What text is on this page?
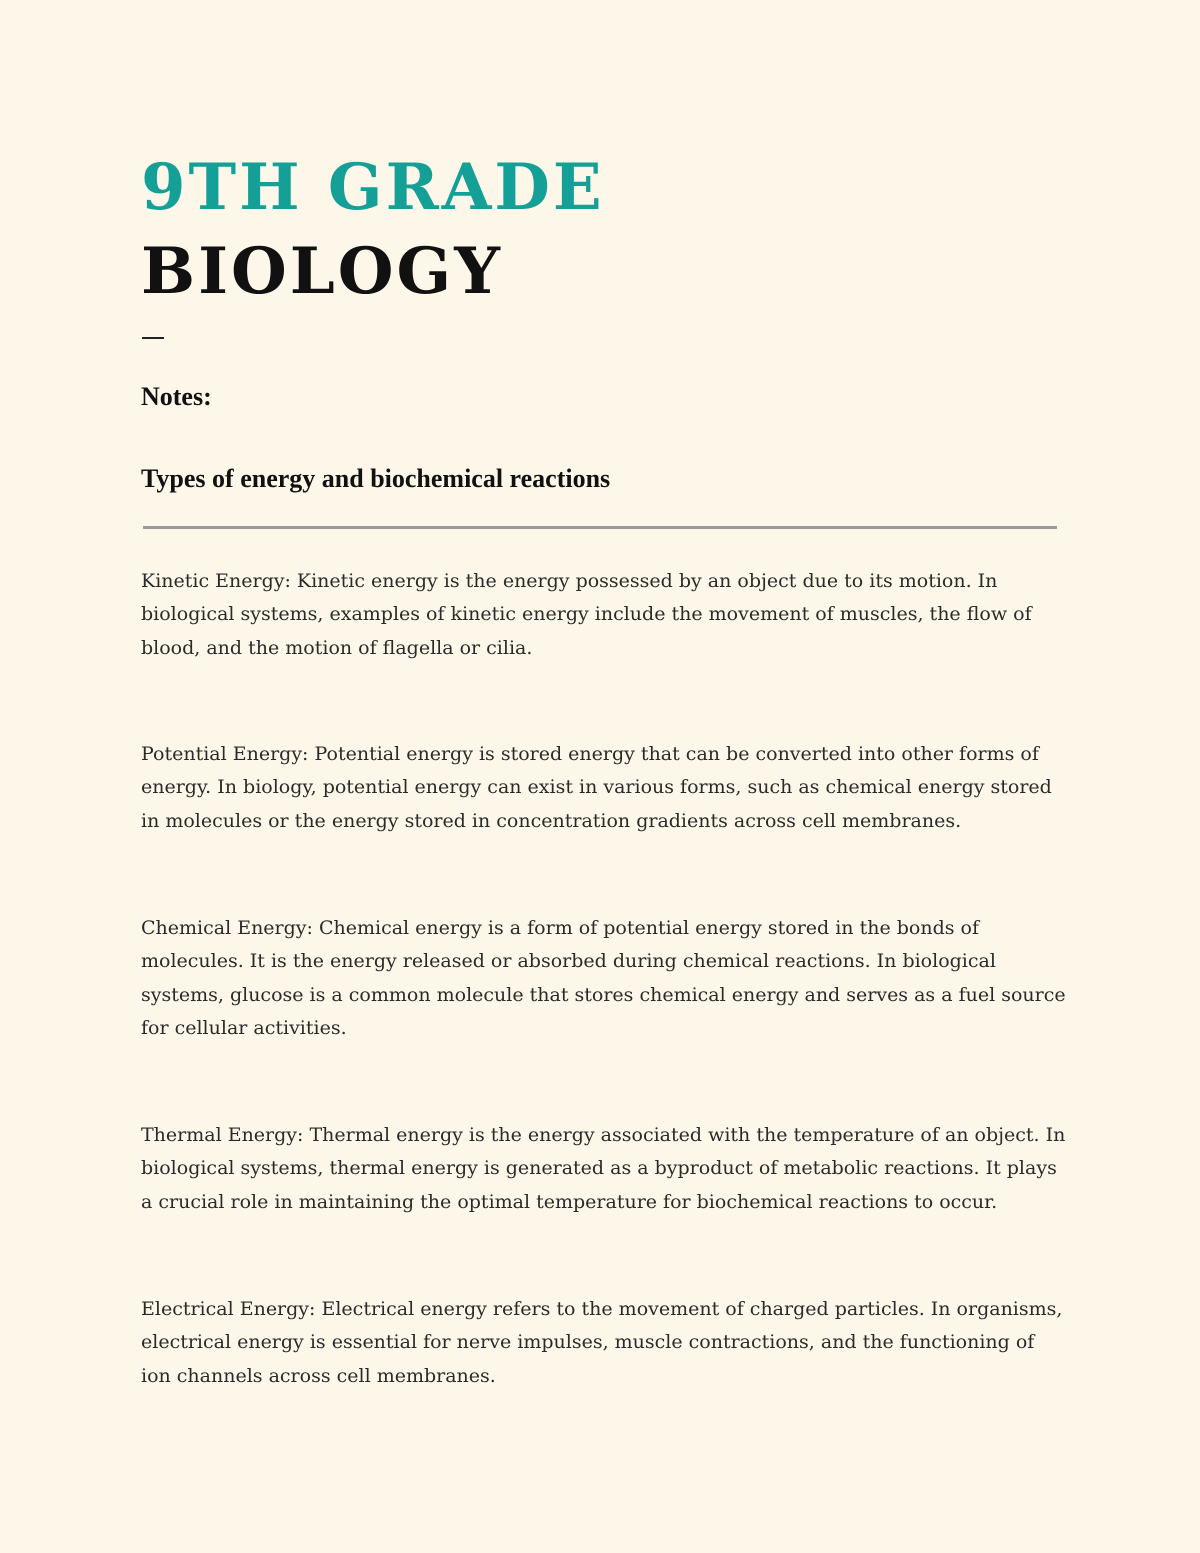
9TH GRADE
BIOLOGY
Notes:
Types of energy and biochemical reactions

Kinetic Energy: Kinetic energy is the energy possessed by an object due to its motion. In biological systems, examples of kinetic energy include the movement of muscles, the flow of blood, and the motion of flagella or cilia.

Potential Energy: Potential energy is stored energy that can be converted into other forms of energy. In biology, potential energy can exist in various forms, such as chemical energy stored in molecules or the energy stored in concentration gradients across cell membranes.

Chemical Energy: Chemical energy is a form of potential energy stored in the bonds of molecules. It is the energy released or absorbed during chemical reactions. In biological systems, glucose is a common molecule that stores chemical energy and serves as a fuel source for cellular activities.

Thermal Energy: Thermal energy is the energy associated with the temperature of an object. In biological systems, thermal energy is generated as a byproduct of metabolic reactions. It plays a crucial role in maintaining the optimal temperature for biochemical reactions to occur.

Electrical Energy: Electrical energy refers to the movement of charged particles. In organisms, electrical energy is essential for nerve impulses, muscle contractions, and the functioning of ion channels across cell membranes.
